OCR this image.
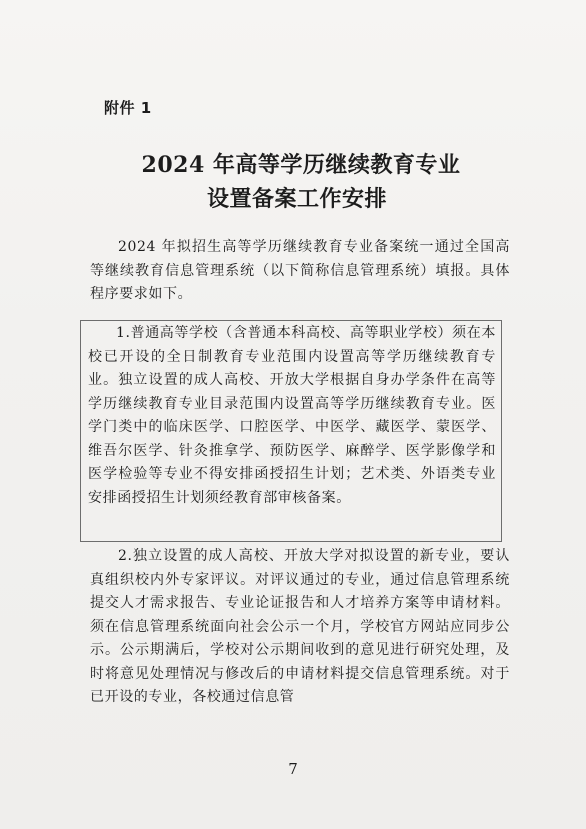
附件 1
2024 年高等学历继续教育专业
设置备案工作安排
2024 年拟招生高等学历继续教育专业备案统一通过全国高等继续教育信息管理系统（以下简称信息管理系统）填报。具体程序要求如下。
1.普通高等学校（含普通本科高校、高等职业学校）须在本校已开设的全日制教育专业范围内设置高等学历继续教育专业。独立设置的成人高校、开放大学根据自身办学条件在高等学历继续教育专业目录范围内设置高等学历继续教育专业。医学门类中的临床医学、口腔医学、中医学、藏医学、蒙医学、维吾尔医学、针灸推拿学、预防医学、麻醉学、医学影像学和医学检验等专业不得安排函授招生计划；艺术类、外语类专业安排函授招生计划须经教育部审核备案。
2.独立设置的成人高校、开放大学对拟设置的新专业，要认真组织校内外专家评议。对评议通过的专业，通过信息管理系统提交人才需求报告、专业论证报告和人才培养方案等申请材料。须在信息管理系统面向社会公示一个月，学校官方网站应同步公示。公示期满后，学校对公示期间收到的意见进行研究处理，及时将意见处理情况与修改后的申请材料提交信息管理系统。对于已开设的专业，各校通过信息管
7
